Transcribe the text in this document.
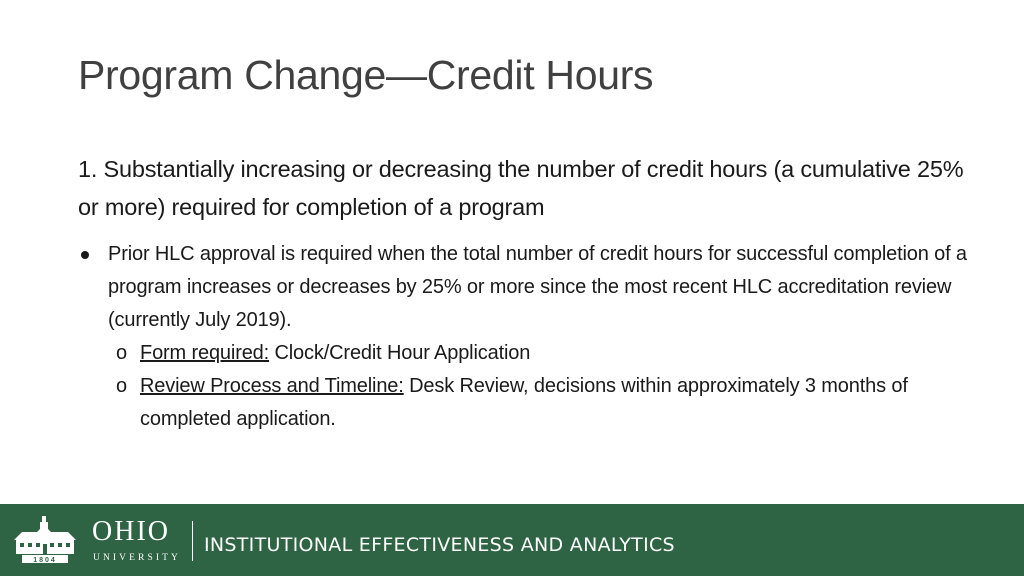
Program Change—Credit Hours

1. Substantially increasing or decreasing the number of credit hours (a cumulative 25% or more) required for completion of a program

Prior HLC approval is required when the total number of credit hours for successful completion of a program increases or decreases by 25% or more since the most recent HLC accreditation review (currently July 2019).
o Form required: Clock/Credit Hour Application
o Review Process and Timeline: Desk Review, decisions within approximately 3 months of completed application.
1804
OHIO
UNIVERSITY
INSTITUTIONAL EFFECTIVENESS AND ANALYTICS
